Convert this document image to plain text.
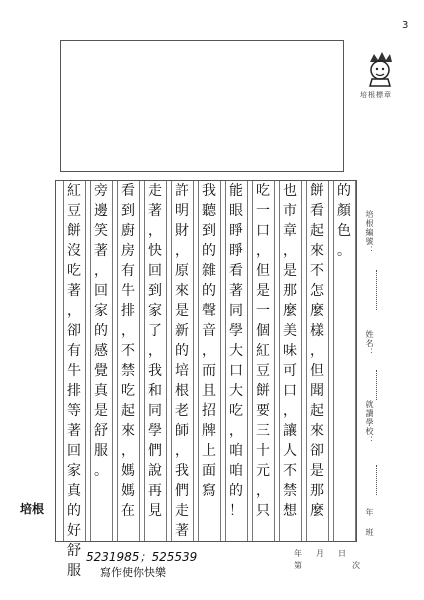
3
培根標章
的
顏
色
。
餅
看
起
來
不
怎
麼
樣
，
但
聞
起
來
卻
是
那
麼
也
市
章
，
是
那
麼
美
味
可
口
，
讓
人
不
禁
想
吃
一
口
，
但
是
一
個
紅
豆
餅
要
三
十
元
，
只
能
眼
睜
睜
看
著
同
學
大
口
大
吃
，
咱
咱
的
！
我
聽
到
的
雜
的
聲
音
，
而
且
招
牌
上
面
寫
許
明
財
，
原
來
是
新
的
培
根
老
師
，
我
們
走
著
走
著
，
快
回
到
家
了
，
我
和
同
學
們
說
再
見
看
到
廚
房
有
牛
排
，
不
禁
吃
起
來
，
媽
媽
在
旁
邊
笑
著
，
回
家
的
感
覺
真
是
舒
服
。
紅
豆
餅
沒
吃
著
，
卻
有
牛
排
等
著
回
家
真
的
好
舒
服
培根編號：
姓名：
就讀學校：
年
班
培根
5231985；525539
寫作使你快樂
年 月 日
第	次
